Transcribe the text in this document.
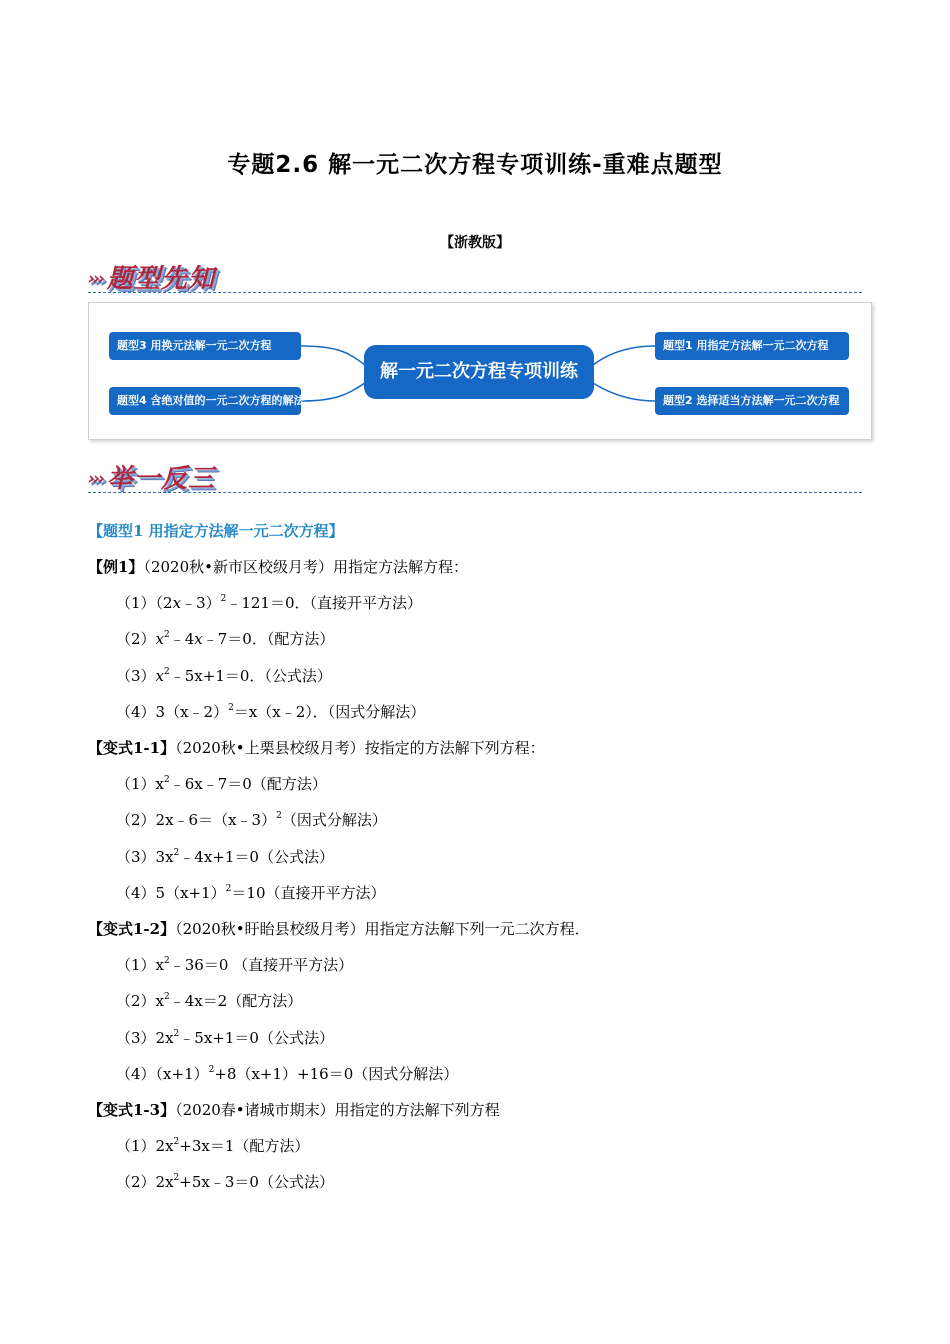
专题2.6 解一元二次方程专项训练-重难点题型
【浙教版】
››› 题型先知
解一元二次方程专项训练
题型3 用换元法解一元二次方程
题型4 含绝对值的一元二次方程的解法
题型1 用指定方法解一元二次方程
题型2 选择适当方法解一元二次方程
››› 举一反三
【题型1 用指定方法解一元二次方程】
【例1】（2020秋•新市区校级月考）用指定方法解方程：
（1）（2x﹣3）$^2$﹣121＝0．（直接开平方法）
$(2)x^2﹣4x﹣7=0$．（配方法）
$(3)x^2﹣5x+1=0$．（公式法）
（4）3（x﹣2）$^2$＝x（x﹣2）．（因式分解法）
【变式1-1】（2020秋•上栗县校级月考）按指定的方法解下列方程：
$(1)x^2﹣6x﹣7=0$（配方法）
（2）2x﹣6＝（x﹣3）$^2$（因式分解法）
$(3)3x^2﹣4x+1=0$（公式法）
$(4)5(x+1)^2=10$（直接开平方法）
【变式1-2】（2020秋•盱眙县校级月考）用指定方法解下列一元二次方程．
$(1)x^2﹣36=0$ （直接开平方法）
$(2)x^2﹣4x=2$（配方法）
$(3)2x^2﹣5x+1=0$（公式法）
$(4)(x+1)^2+8(x+1)+16=0$（因式分解法）
【变式1-3】（2020春•诸城市期末）用指定的方法解下列方程
$(1)2x^2+3x=1$（配方法）
$(2)2x^2+5x﹣3=0$（公式法）
